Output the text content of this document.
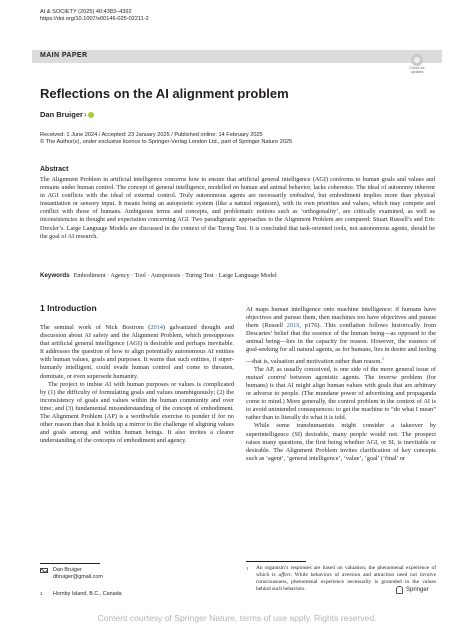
AI & SOCIETY (2025) 40:4383–4392
https://doi.org/10.1007/s00146-025-02211-2
MAIN PAPER
Check for
updates
Reflections on the AI alignment problem
Dan Bruiger 1
Received: 1 June 2024 / Accepted: 23 January 2025 / Published online: 14 February 2025
© The Author(s), under exclusive licence to Springer-Verlag London Ltd., part of Springer Nature 2025
Abstract
The Alignment Problem in artificial intelligence concerns how to ensure that artificial general intelligence (AGI) conforms to human goals and values and remains under human control. The concept of general intelligence, modelled on human and animal behavior, lacks coherence. The ideal of autonomy inherent in AGI conflicts with the ideal of external control. Truly autonomous agents are necessarily embodied, but embodiment implies more than physical instantiation or sensory input. It means being an autopoietic system (like a natural organism), with its own priorities and values, which may compete and conflict with those of humans. Ambiguous terms and concepts, and problematic notions such as ‘orthogonality’, are critically examined, as well as inconsistencies in thought and expectation concerning AGI. Two paradigmatic approaches to the Alignment Problem are compared: Stuart Russell’s and Eric Drexler’s. Large Language Models are discussed in the context of the Turing Test. It is concluded that task-oriented tools, not autonomous agents, should be the goal of AI research.
Keywords Embodiment · Agency · Tool · Autopoiesis · Turing Test · Large Language Model
1 Introduction

The seminal work of Nick Bostrom (2014) galvanized thought and discussion about AI safety and the Alignment Problem, which presupposes that artificial general intelligence (AGI) is desirable and perhaps inevitable. It addresses the question of how to align potentially autonomous AI entities with human values, goals and purposes. It warns that such entities, if super-humanly intelligent, could evade human control and come to threaten, dominate, or even supersede humanity.

The project to imbue AI with human purposes or values is complicated by (1) the difficulty of formulating goals and values unambiguously; (2) the inconsistency of goals and values within the human community and over time; and (3) fundamental misunderstanding of the concept of embodiment. The Alignment Problem (AP) is a worthwhile exercise to ponder if for no other reason than that it holds up a mirror to the challenge of aligning values and goals among and within human beings. It also invites a clearer understanding of the concepts of embodiment and agency.

AI maps human intelligence onto machine intelligence: if humans have objectives and pursue them, then machines too have objectives and pursue them (Russell 2019, p176). This conflation follows historically from Descartes’ belief that the essence of the human being—as opposed to the animal being—lies in the capacity for reason. However, the essence of goal-seeking for all natural agents, as for humans, lies in desire and feeling—that is, valuation and motivation rather than reason.$^1$

The AP, as usually conceived, is one side of the more general issue of mutual control between agonistic agents. The inverse problem (for humans) is that AI might align human values with goals that are arbitrary or adverse to people. (The mundane power of advertising and propaganda come to mind.) More generally, the control problem in the context of AI is to avoid unintended consequences: to get the machine to “do what I mean” rather than to literally do what it is told.

While some transhumanists might consider a takeover by superintelligence (SI) desirable, many people would not. The prospect raises many questions, the first being whether AGI, or SI, is inevitable or desirable. The Alignment Problem invites clarification of key concepts such as ‘agent’, ‘general intelligence’, ‘value’, ‘goal’ (‘final’ or

Dan Bruiger
dbruiger@gmail.com
1	Hornby Island, B.C., Canada
1	An organism’s responses are based on valuation, the phenomenal experience of which is affect. While behaviors of aversion and attraction need not involve consciousness, phenomenal experience necessarily is grounded in the values behind such behaviors.	Springer
Content courtesy of Springer Nature, terms of use apply. Rights reserved.
